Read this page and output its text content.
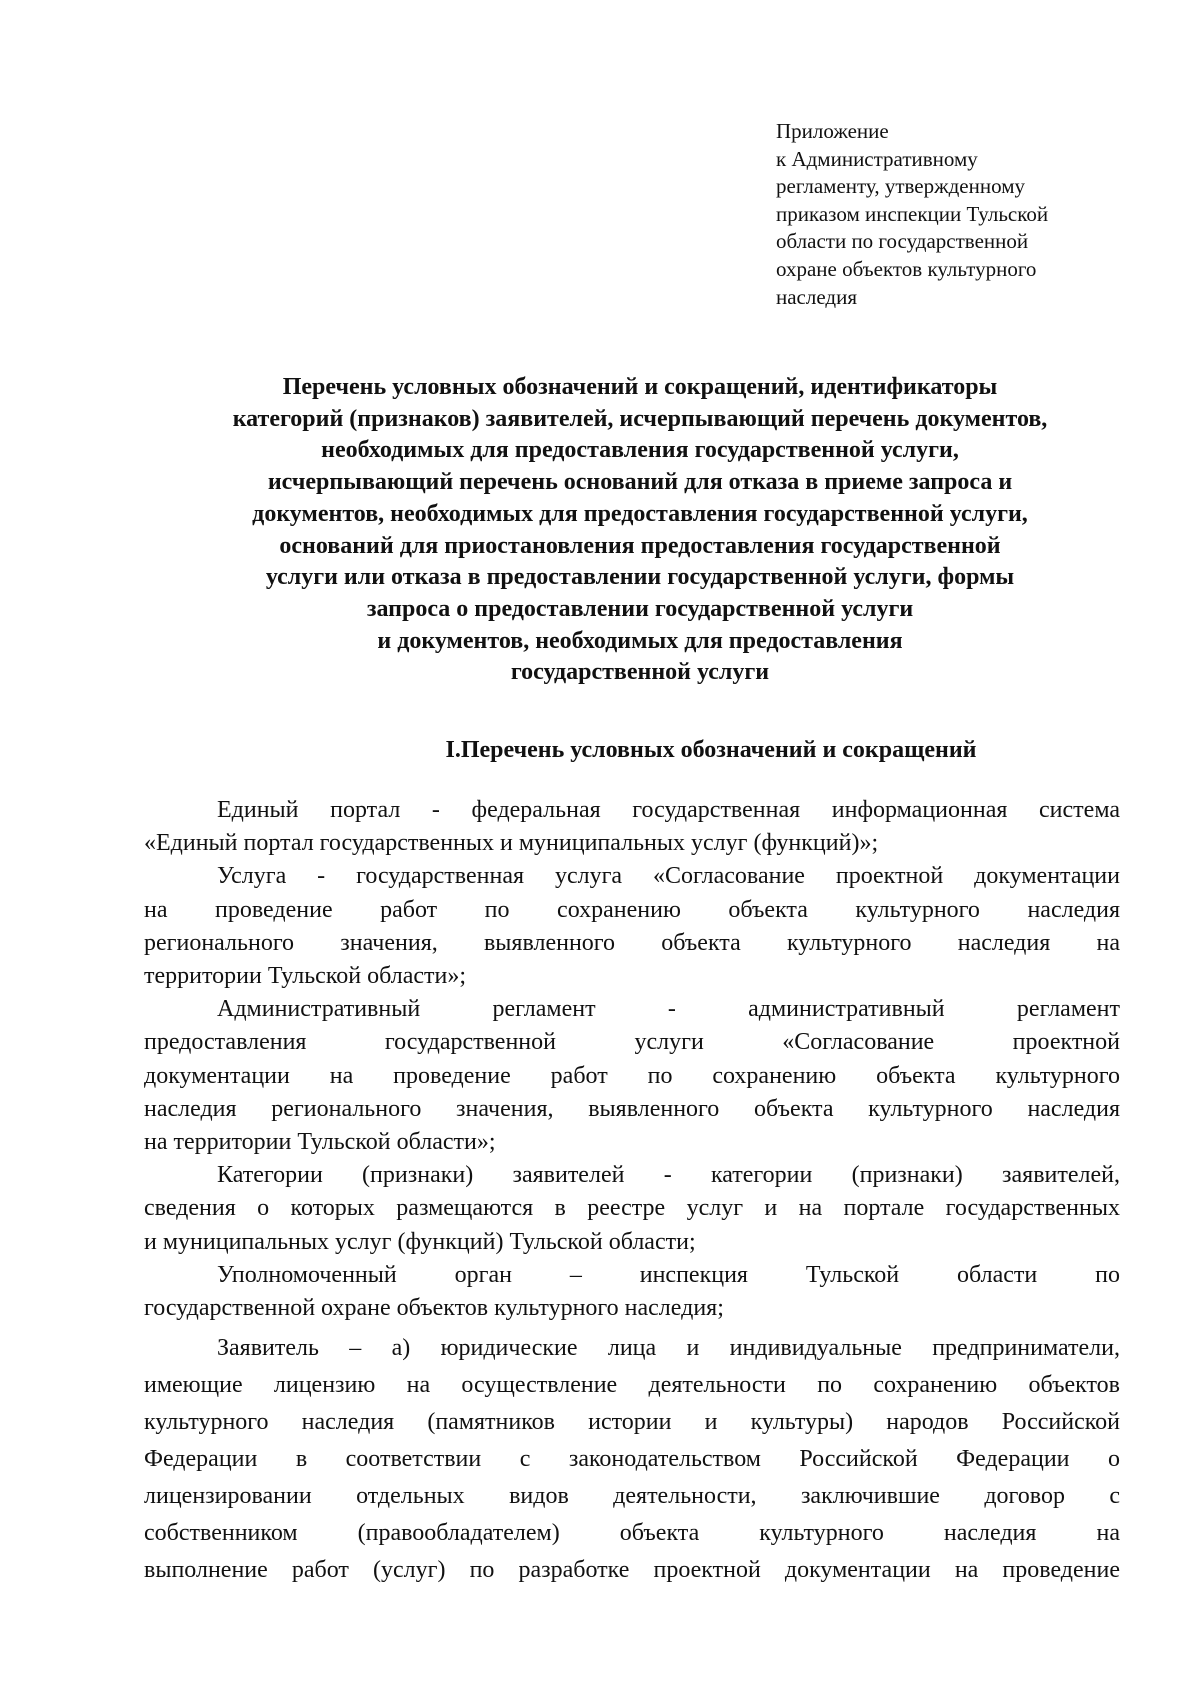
Приложение
к Административному
регламенту, утвержденному
приказом инспекции Тульской
области по государственной
охране объектов культурного
наследия
Перечень условных обозначений и сокращений, идентификаторы
категорий (признаков) заявителей, исчерпывающий перечень документов,
необходимых для предоставления государственной услуги,
исчерпывающий перечень оснований для отказа в приеме запроса и
документов, необходимых для предоставления государственной услуги,
оснований для приостановления предоставления государственной
услуги или отказа в предоставлении государственной услуги, формы
запроса о предоставлении государственной услуги
и документов, необходимых для предоставления
государственной услуги
I.Перечень условных обозначений и сокращений
Единый портал - федеральная государственная информационная система
«Единый портал государственных и муниципальных услуг (функций)»;
Услуга - государственная услуга «Согласование проектной документации
на проведение работ по сохранению объекта культурного наследия
регионального значения, выявленного объекта культурного наследия на
территории Тульской области»;
Административный регламент - административный регламент
предоставления государственной услуги «Согласование проектной
документации на проведение работ по сохранению объекта культурного
наследия регионального значения, выявленного объекта культурного наследия
на территории Тульской области»;
Категории (признаки) заявителей - категории (признаки) заявителей,
сведения о которых размещаются в реестре услуг и на портале государственных
и муниципальных услуг (функций) Тульской области;
Уполномоченный орган – инспекция Тульской области по
государственной охране объектов культурного наследия;
Заявитель – а) юридические лица и индивидуальные предприниматели,
имеющие лицензию на осуществление деятельности по сохранению объектов
культурного наследия (памятников истории и культуры) народов Российской
Федерации в соответствии с законодательством Российской Федерации о
лицензировании отдельных видов деятельности, заключившие договор с
собственником (правообладателем) объекта культурного наследия на
выполнение работ (услуг) по разработке проектной документации на проведение
